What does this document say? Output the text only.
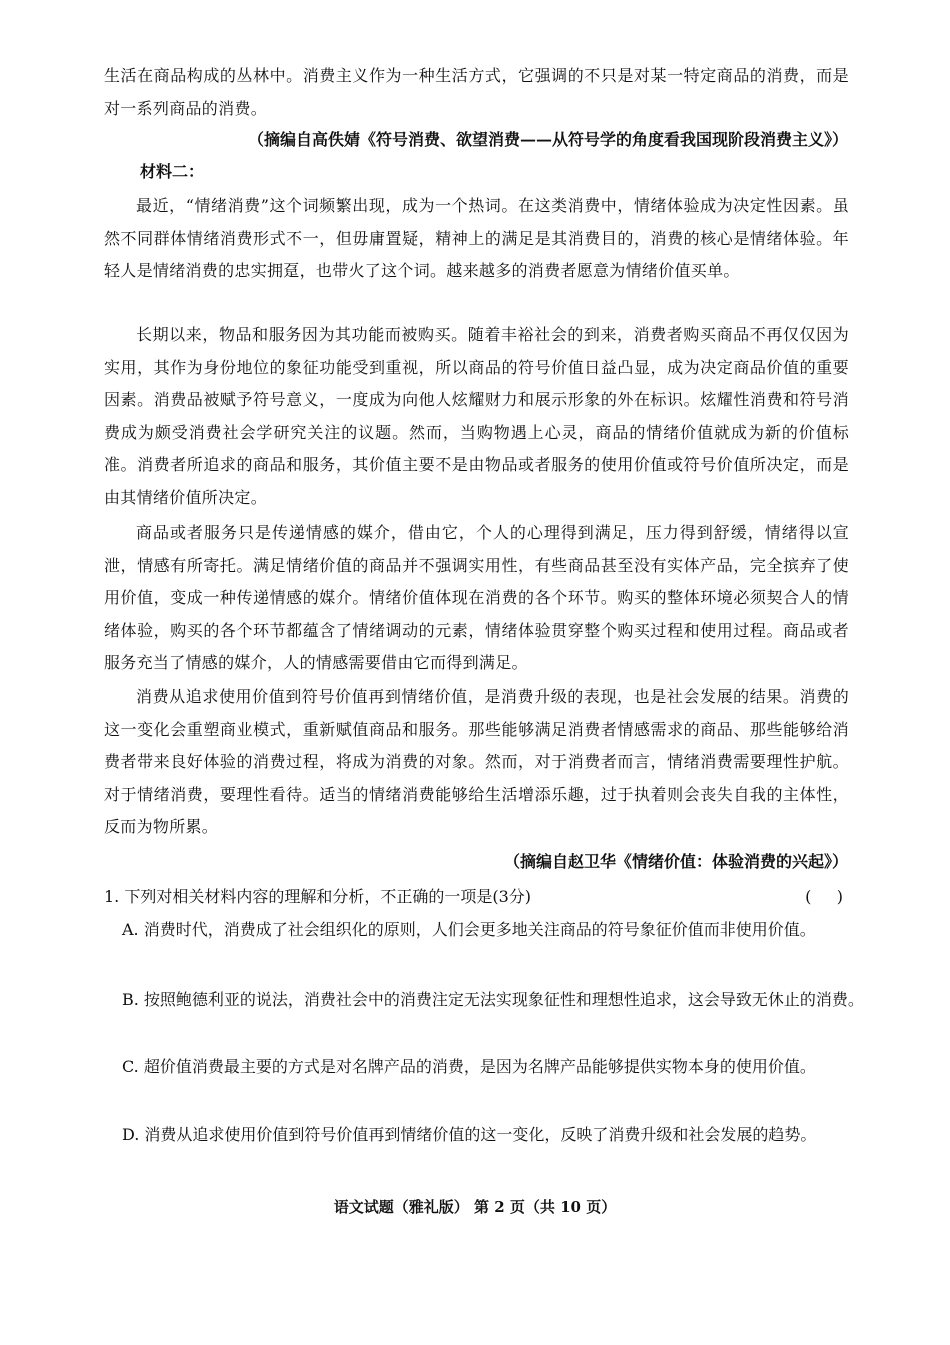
生活在商品构成的丛林中。消费主义作为一种生活方式，它强调的不只是对某一特定商品的消费，而是对一系列商品的消费。

（摘编自高佚婧《符号消费、欲望消费——从符号学的角度看我国现阶段消费主义》）

材料二：

最近，“情绪消费”这个词频繁出现，成为一个热词。在这类消费中，情绪体验成为决定性因素。虽然不同群体情绪消费形式不一，但毋庸置疑，精神上的满足是其消费目的，消费的核心是情绪体验。年轻人是情绪消费的忠实拥趸，也带火了这个词。越来越多的消费者愿意为情绪价值买单。

长期以来，物品和服务因为其功能而被购买。随着丰裕社会的到来，消费者购买商品不再仅仅因为实用，其作为身份地位的象征功能受到重视，所以商品的符号价值日益凸显，成为决定商品价值的重要因素。消费品被赋予符号意义，一度成为向他人炫耀财力和展示形象的外在标识。炫耀性消费和符号消费成为颇受消费社会学研究关注的议题。然而，当购物遇上心灵，商品的情绪价值就成为新的价值标准。消费者所追求的商品和服务，其价值主要不是由物品或者服务的使用价值或符号价值所决定，而是由其情绪价值所决定。

商品或者服务只是传递情感的媒介，借由它，个人的心理得到满足，压力得到舒缓，情绪得以宣泄，情感有所寄托。满足情绪价值的商品并不强调实用性，有些商品甚至没有实体产品，完全摈弃了使用价值，变成一种传递情感的媒介。情绪价值体现在消费的各个环节。购买的整体环境必须契合人的情绪体验，购买的各个环节都蕴含了情绪调动的元素，情绪体验贯穿整个购买过程和使用过程。商品或者服务充当了情感的媒介，人的情感需要借由它而得到满足。

消费从追求使用价值到符号价值再到情绪价值，是消费升级的表现，也是社会发展的结果。消费的这一变化会重塑商业模式，重新赋值商品和服务。那些能够满足消费者情感需求的商品、那些能够给消费者带来良好体验的消费过程，将成为消费的对象。然而，对于消费者而言，情绪消费需要理性护航。对于情绪消费，要理性看待。适当的情绪消费能够给生活增添乐趣，过于执着则会丧失自我的主体性，反而为物所累。

（摘编自赵卫华《情绪价值：体验消费的兴起》）

1. 下列对相关材料内容的理解和分析，不正确的一项是(3分)	(     )

A. 消费时代，消费成了社会组织化的原则，人们会更多地关注商品的符号象征价值而非使用价值。

B. 按照鲍德利亚的说法，消费社会中的消费注定无法实现象征性和理想性追求，这会导致无休止的消费。

C. 超价值消费最主要的方式是对名牌产品的消费，是因为名牌产品能够提供实物本身的使用价值。

D. 消费从追求使用价值到符号价值再到情绪价值的这一变化，反映了消费升级和社会发展的趋势。

语文试题（雅礼版） 第 2 页（共 10 页）
